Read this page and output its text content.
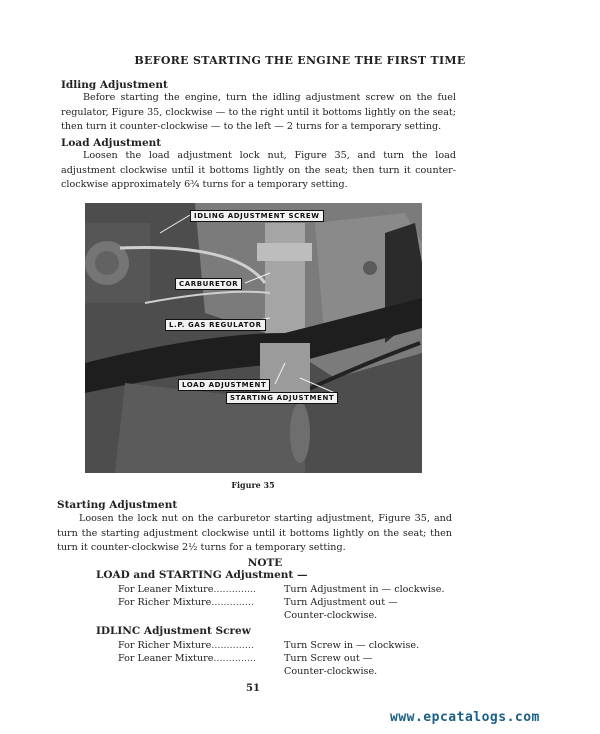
BEFORE STARTING THE ENGINE THE FIRST TIME
Idling Adjustment
Before starting the engine, turn the idling adjustment screw on the fuel regulator, Figure 35, clockwise — to the right until it bottoms lightly on the seat; then turn it counter-clockwise — to the left — 2 turns for a temporary setting.
Load Adjustment
Loosen the load adjustment lock nut, Figure 35, and turn the load adjustment clockwise until it bottoms lightly on the seat; then turn it counter-clockwise approximately 6¾ turns for a temporary setting.
IDLING ADJUSTMENT SCREW
CARBURETOR
L.P. GAS REGULATOR
LOAD ADJUSTMENT
STARTING ADJUSTMENT
Figure 35
Starting Adjustment
Loosen the lock nut on the carburetor starting adjustment, Figure 35, and turn the starting adjustment clockwise until it bottoms lightly on the seat; then turn it counter-clockwise 2½ turns for a temporary setting.
NOTE
LOAD and STARTING Adjustment —
For Leaner Mixture..............	Turn Adjustment in — clockwise.
For Richer Mixture..............	Turn Adjustment out —
Counter-clockwise.
IDLINC Adjustment Screw
For Richer Mixture..............	Turn Screw in — clockwise.
For Leaner Mixture..............	Turn Screw out —
Counter-clockwise.
51
www.epcatalogs.com
